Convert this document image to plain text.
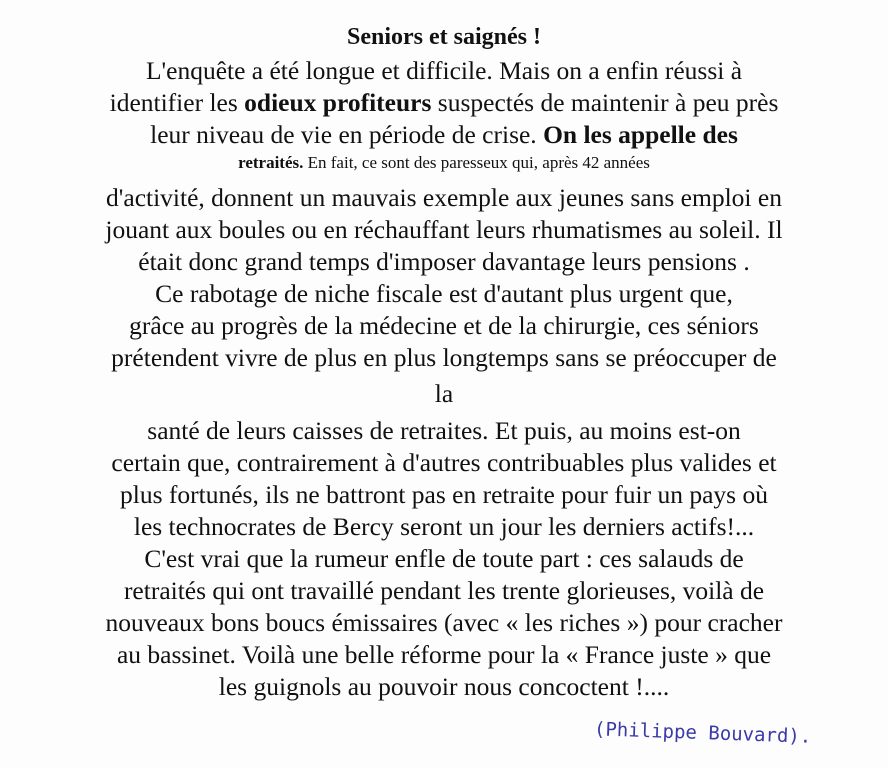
Seniors et saignés !
L'enquête a été longue et difficile. Mais on a enfin réussi à
identifier les odieux profiteurs suspectés de maintenir à peu près
leur niveau de vie en période de crise. On les appelle des
retraités. En fait, ce sont des paresseux qui, après 42 années
d'activité, donnent un mauvais exemple aux jeunes sans emploi en
jouant aux boules ou en réchauffant leurs rhumatismes au soleil. Il
était donc grand temps d'imposer davantage leurs pensions .
Ce rabotage de niche fiscale est d'autant plus urgent que,
grâce au progrès de la médecine et de la chirurgie, ces séniors
prétendent vivre de plus en plus longtemps sans se préoccuper de
la
santé de leurs caisses de retraites. Et puis, au moins est-on
certain que, contrairement à d'autres contribuables plus valides et
plus fortunés, ils ne battront pas en retraite pour fuir un pays où
les technocrates de Bercy seront un jour les derniers actifs!...
C'est vrai que la rumeur enfle de toute part : ces salauds de
retraités qui ont travaillé pendant les trente glorieuses, voilà de
nouveaux bons boucs émissaires (avec « les riches ») pour cracher
au bassinet. Voilà une belle réforme pour la « France juste » que
les guignols au pouvoir nous concoctent !....
(Philippe Bouvard).
